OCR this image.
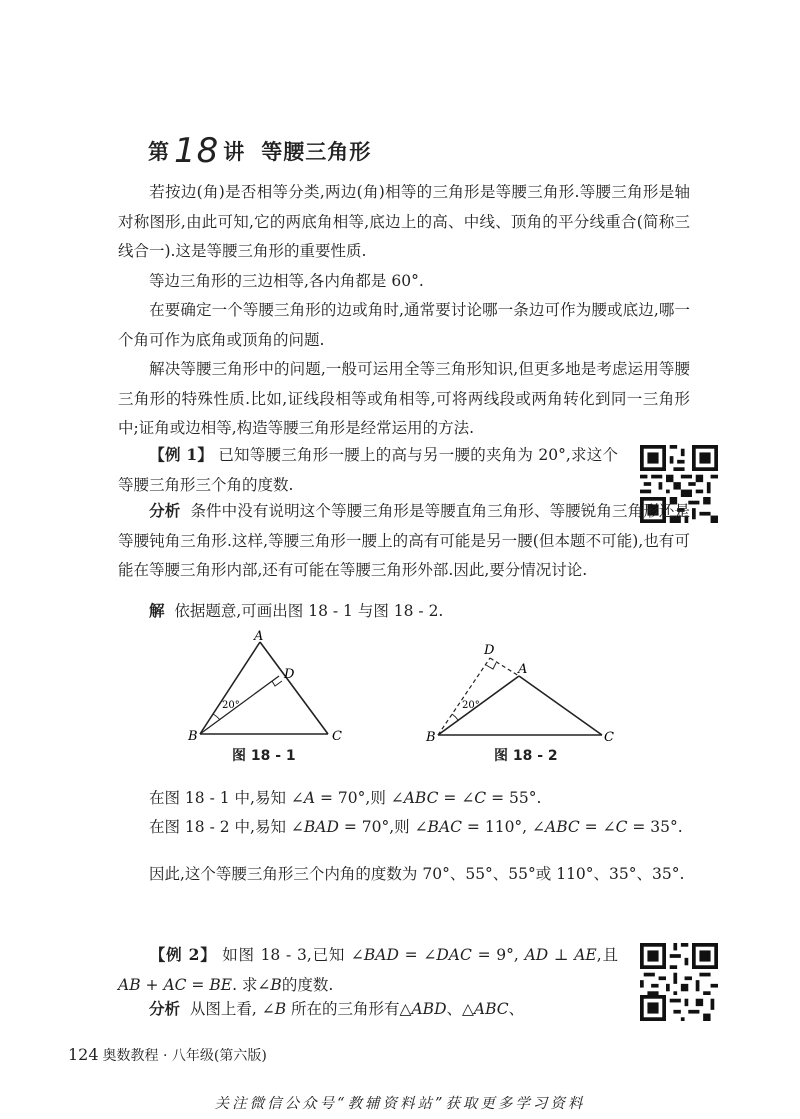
第 18 讲 等腰三角形

若按边(角)是否相等分类,两边(角)相等的三角形是等腰三角形.等腰三角形是轴对称图形,由此可知,它的两底角相等,底边上的高、中线、顶角的平分线重合(简称三线合一).这是等腰三角形的重要性质.

等边三角形的三边相等,各内角都是 60°.

在要确定一个等腰三角形的边或角时,通常要讨论哪一条边可作为腰或底边,哪一个角可作为底角或顶角的问题.

解决等腰三角形中的问题,一般可运用全等三角形知识,但更多地是考虑运用等腰三角形的特殊性质.比如,证线段相等或角相等,可将两线段或两角转化到同一三角形中;证角或边相等,构造等腰三角形是经常运用的方法.

【例 1】 已知等腰三角形一腰上的高与另一腰的夹角为 20°,求这个等腰三角形三个角的度数.

分析 条件中没有说明这个等腰三角形是等腰直角三角形、等腰锐角三角形还是等腰钝角三角形.这样,等腰三角形一腰上的高有可能是另一腰(但本题不可能),也有可能在等腰三角形内部,还有可能在等腰三角形外部.因此,要分情况讨论.

解 依据题意,可画出图 18 - 1 与图 18 - 2.

A
D
B	C
20°
图 18 - 1
D
A
B	C
20°
图 18 - 2

在图 18 - 1 中,易知 ∠A = 70°,则 ∠ABC = ∠C = 55°.

在图 18 - 2 中,易知 ∠BAD = 70°,则 ∠BAC = 110°, ∠ABC = ∠C = 35°.

因此,这个等腰三角形三个内角的度数为 70°、55°、55°或 110°、35°、35°.

【例 2】 如图 18 - 3,已知 ∠BAD = ∠DAC = 9°, AD ⊥ AE,且 AB + AC = BE. 求∠B的度数.

分析 从图上看, ∠B 所在的三角形有△ABD、△ABC、

124 奥数教程 · 八年级(第六版)
关注微信公众号“教辅资料站”获取更多学习资料
